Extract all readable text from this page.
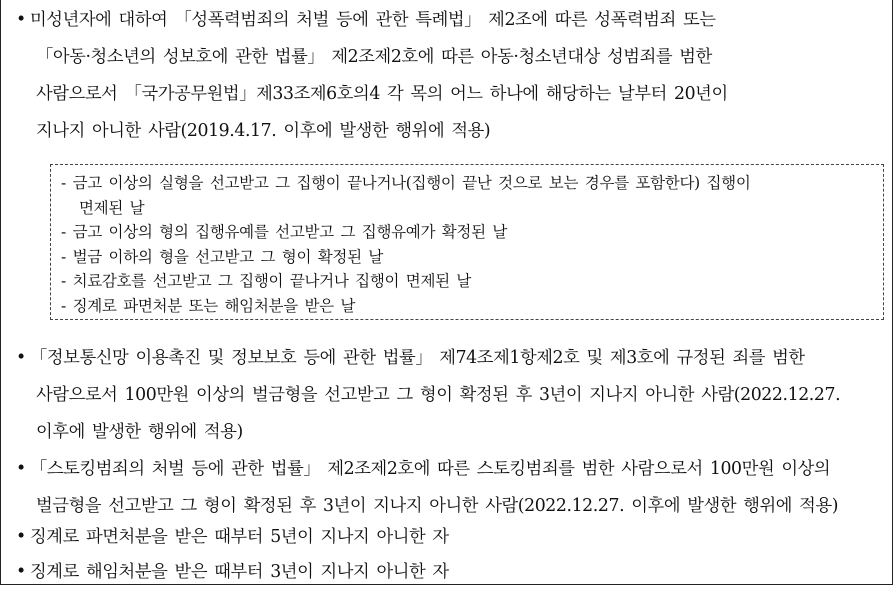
• 미성년자에 대하여 「성폭력범죄의 처벌 등에 관한 특례법」 제2조에 따른 성폭력범죄 또는
「아동·청소년의 성보호에 관한 법률」 제2조제2호에 따른 아동·청소년대상 성범죄를 범한
사람으로서 「국가공무원법」제33조제6호의4 각 목의 어느 하나에 해당하는 날부터 20년이
지나지 아니한 사람(2019.4.17. 이후에 발생한 행위에 적용)
- 금고 이상의 실형을 선고받고 그 집행이 끝나거나(집행이 끝난 것으로 보는 경우를 포함한다) 집행이
면제된 날
- 금고 이상의 형의 집행유예를 선고받고 그 집행유예가 확정된 날
- 벌금 이하의 형을 선고받고 그 형이 확정된 날
- 치료감호를 선고받고 그 집행이 끝나거나 집행이 면제된 날
- 징계로 파면처분 또는 해임처분을 받은 날
• 「정보통신망 이용촉진 및 정보보호 등에 관한 법률」 제74조제1항제2호 및 제3호에 규정된 죄를 범한
사람으로서 100만원 이상의 벌금형을 선고받고 그 형이 확정된 후 3년이 지나지 아니한 사람(2022.12.27.
이후에 발생한 행위에 적용)
• 「스토킹범죄의 처벌 등에 관한 법률」 제2조제2호에 따른 스토킹범죄를 범한 사람으로서 100만원 이상의
벌금형을 선고받고 그 형이 확정된 후 3년이 지나지 아니한 사람(2022.12.27. 이후에 발생한 행위에 적용)
• 징계로 파면처분을 받은 때부터 5년이 지나지 아니한 자
• 징계로 해임처분을 받은 때부터 3년이 지나지 아니한 자
